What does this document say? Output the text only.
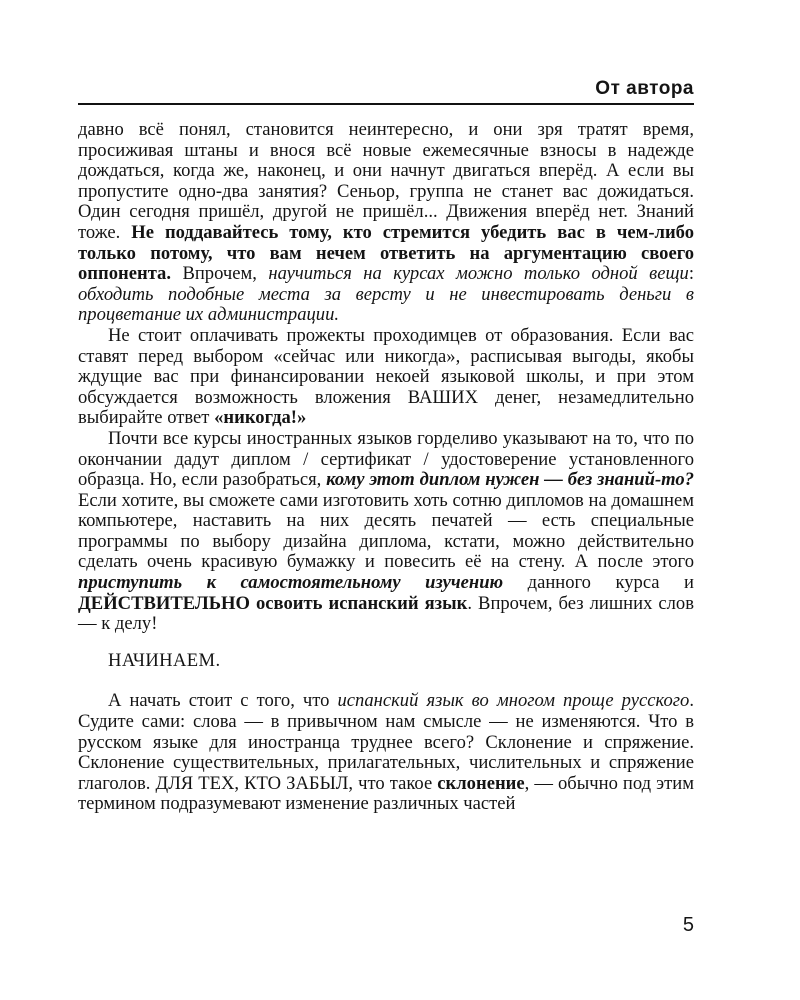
От автора

давно всё понял, становится неинтересно, и они зря тратят время, просиживая штаны и внося всё новые ежемесячные взносы в надежде дождаться, когда же, наконец, и они начнут двигаться вперёд. А если вы пропустите одно-два занятия? Сеньор, группа не станет вас дожидаться. Один сегодня пришёл, другой не пришёл... Движения вперёд нет. Знаний тоже. Не поддавайтесь тому, кто стремится убедить вас в чем-либо только потому, что вам нечем ответить на аргументацию своего оппонента. Впрочем, научиться на курсах можно только одной вещи: обходить подобные места за версту и не инвестировать деньги в процветание их администрации.

Не стоит оплачивать прожекты проходимцев от образования. Если вас ставят перед выбором «сейчас или никогда», расписывая выгоды, якобы ждущие вас при финансировании некоей языковой школы, и при этом обсуждается возможность вложения ВАШИХ денег, незамедлительно выбирайте ответ «никогда!»

Почти все курсы иностранных языков горделиво указывают на то, что по окончании дадут диплом / сертификат / удостоверение установленного образца. Но, если разобраться, кому этот диплом нужен — без знаний-то? Если хотите, вы сможете сами изготовить хоть сотню дипломов на домашнем компьютере, наставить на них десять печатей — есть специальные программы по выбору дизайна диплома, кстати, можно действительно сделать очень красивую бумажку и повесить её на стену. А после этого приступить к самостоятельному изучению данного курса и ДЕЙСТВИТЕЛЬНО освоить испанский язык. Впрочем, без лишних слов — к делу!

НАЧИНАЕМ.

А начать стоит с того, что испанский язык во многом проще русского. Судите сами: слова — в привычном нам смысле — не изменяются. Что в русском языке для иностранца труднее всего? Склонение и спряжение. Склонение существительных, прилагательных, числительных и спряжение глаголов. ДЛЯ ТЕХ, КТО ЗАБЫЛ, что такое склонение, — обычно под этим термином подразумевают изменение различных частей

5
